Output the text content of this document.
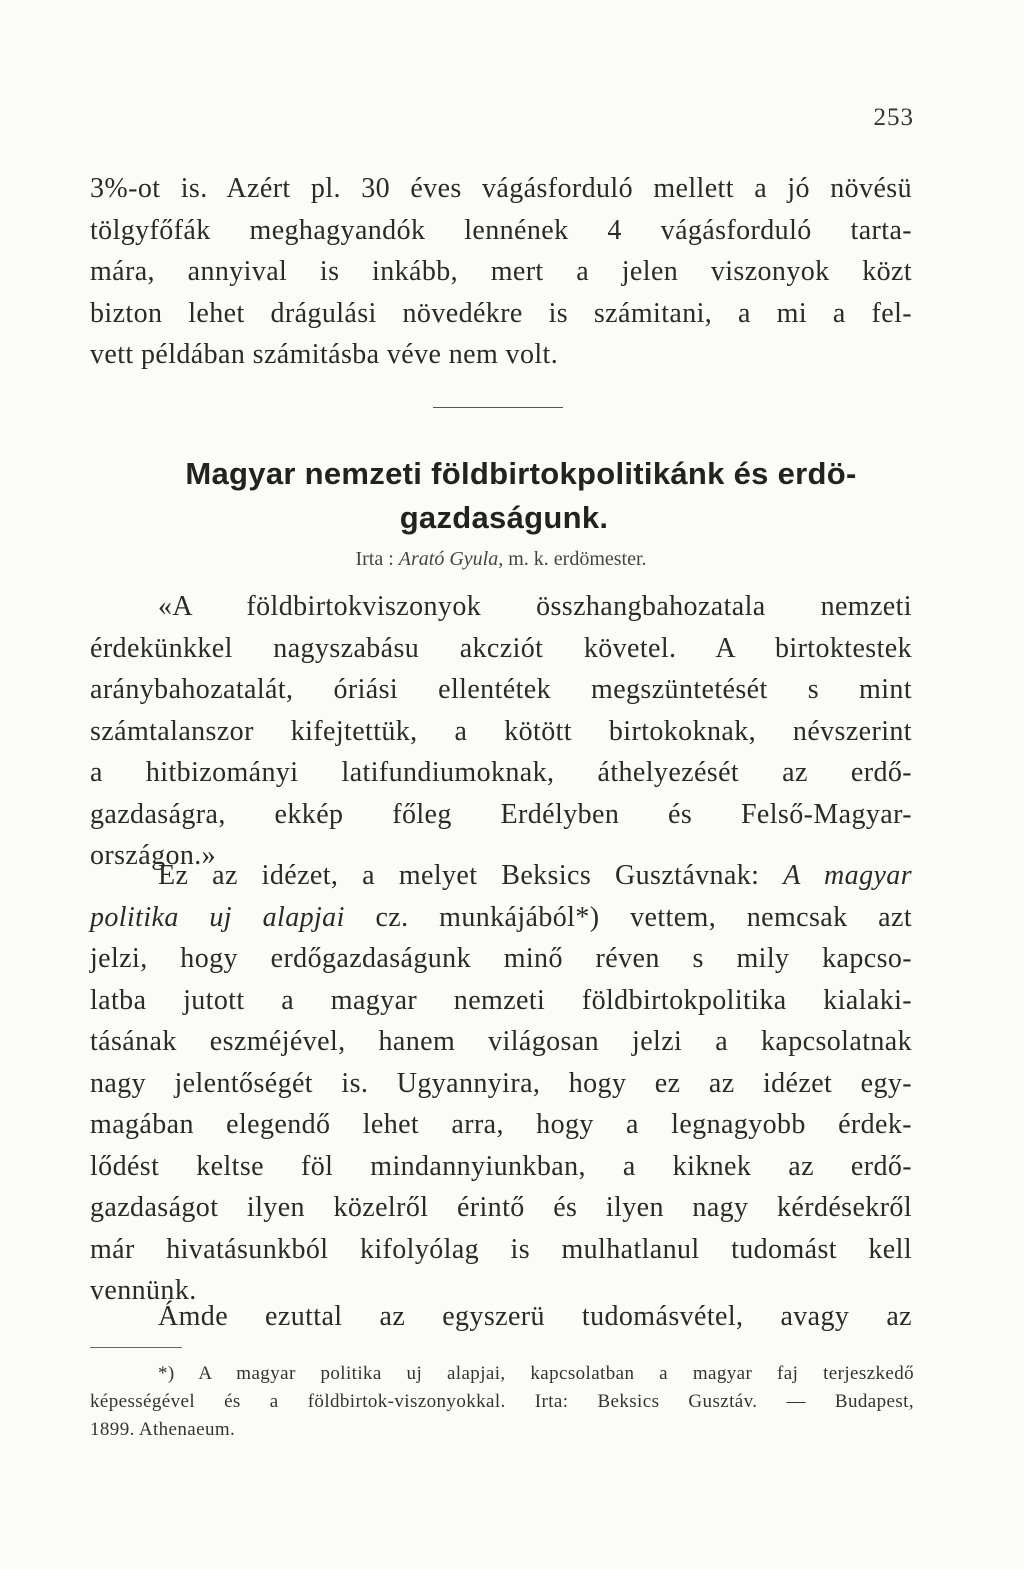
253
3%-ot is. Azért pl. 30 éves vágásforduló mellett a jó növésü
tölgyfőfák meghagyandók lennének 4 vágásforduló tarta-
mára, annyival is inkább, mert a jelen viszonyok közt
bizton lehet drágulási növedékre is számitani, a mi a fel-
vett példában számitásba véve nem volt.
Magyar nemzeti földbirtokpolitikánk és erdö-
gazdaságunk.
Irta : Arató Gyula, m. k. erdömester.
«A földbirtokviszonyok összhangbahozatala nemzeti
érdekünkkel nagyszabásu akcziót követel. A birtoktestek
aránybahozatalát, óriási ellentétek megszüntetését s mint
számtalanszor kifejtettük, a kötött birtokoknak, névszerint
a hitbizományi latifundiumoknak, áthelyezését az erdő-
gazdaságra, ekkép főleg Erdélyben és Felső-Magyar-
országon.»
Ez az idézet, a melyet Beksics Gusztávnak: A magyar
politika uj alapjai cz. munkájából*) vettem, nemcsak azt
jelzi, hogy erdőgazdaságunk minő réven s mily kapcso-
latba jutott a magyar nemzeti földbirtokpolitika kialaki-
tásának eszméjével, hanem világosan jelzi a kapcsolatnak
nagy jelentőségét is. Ugyannyira, hogy ez az idézet egy-
magában elegendő lehet arra, hogy a legnagyobb érdek-
lődést keltse föl mindannyiunkban, a kiknek az erdő-
gazdaságot ilyen közelről érintő és ilyen nagy kérdésekről
már hivatásunkból kifolyólag is mulhatlanul tudomást kell
vennünk.
Ámde ezuttal az egyszerü tudomásvétel, avagy az
*) A magyar politika uj alapjai, kapcsolatban a magyar faj terjeszkedő
képességével és a földbirtok-viszonyokkal. Irta: Beksics Gusztáv. — Budapest,
1899. Athenaeum.
